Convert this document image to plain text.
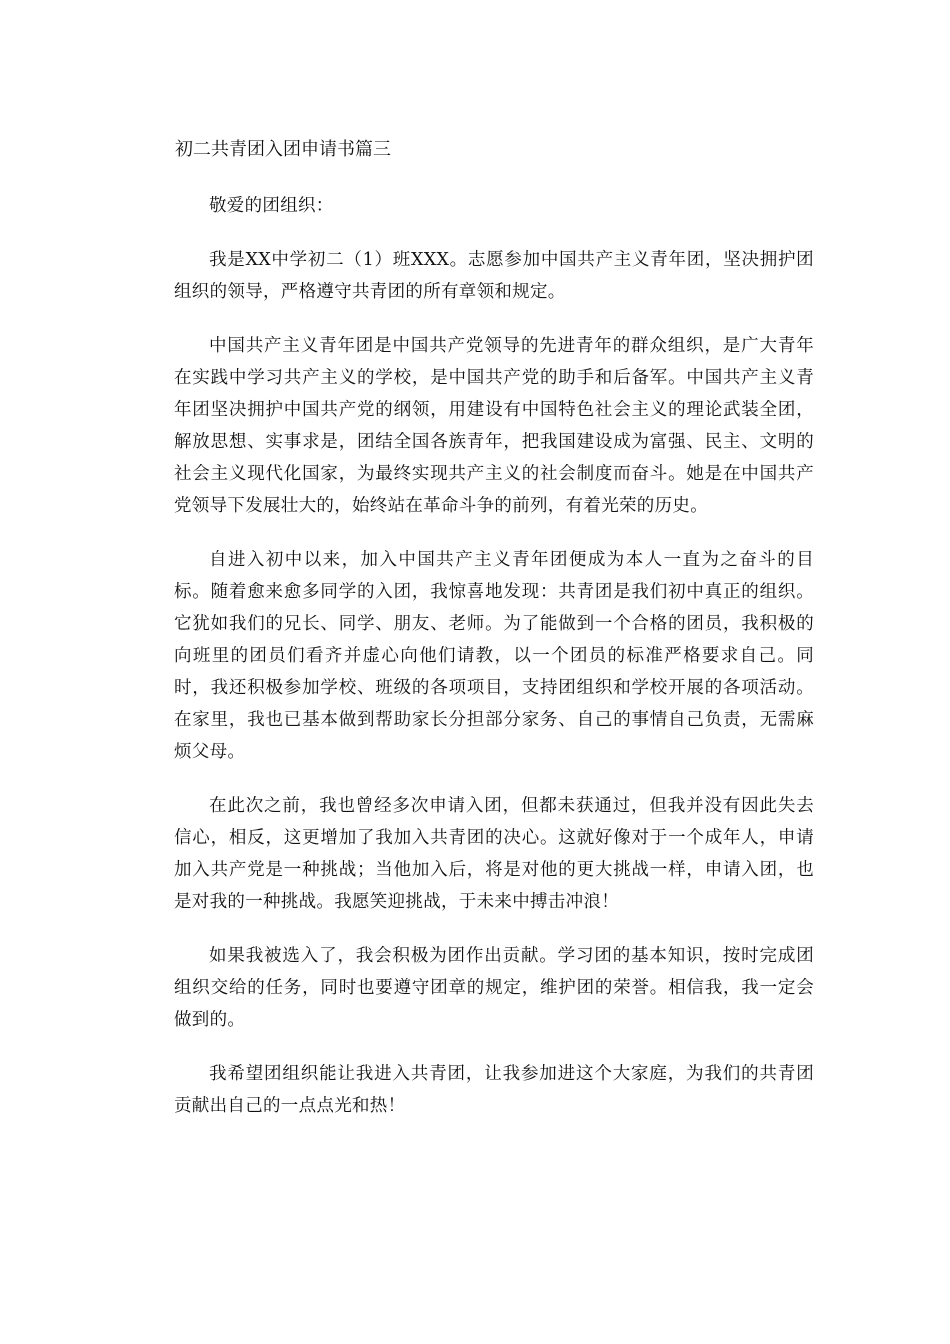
初二共青团入团申请书篇三

敬爱的团组织：

我是XX中学初二（1）班XXX。志愿参加中国共产主义青年团，坚决拥护团组织的领导，严格遵守共青团的所有章领和规定。

中国共产主义青年团是中国共产党领导的先进青年的群众组织，是广大青年在实践中学习共产主义的学校，是中国共产党的助手和后备军。中国共产主义青年团坚决拥护中国共产党的纲领，用建设有中国特色社会主义的理论武装全团，解放思想、实事求是，团结全国各族青年，把我国建设成为富强、民主、文明的社会主义现代化国家，为最终实现共产主义的社会制度而奋斗。她是在中国共产党领导下发展壮大的，始终站在革命斗争的前列，有着光荣的历史。

自进入初中以来，加入中国共产主义青年团便成为本人一直为之奋斗的目标。随着愈来愈多同学的入团，我惊喜地发现：共青团是我们初中真正的组织。它犹如我们的兄长、同学、朋友、老师。为了能做到一个合格的团员，我积极的向班里的团员们看齐并虚心向他们请教，以一个团员的标准严格要求自己。同时，我还积极参加学校、班级的各项项目，支持团组织和学校开展的各项活动。在家里，我也已基本做到帮助家长分担部分家务、自己的事情自己负责，无需麻烦父母。

在此次之前，我也曾经多次申请入团，但都未获通过，但我并没有因此失去信心，相反，这更增加了我加入共青团的决心。这就好像对于一个成年人，申请加入共产党是一种挑战；当他加入后，将是对他的更大挑战一样，申请入团，也是对我的一种挑战。我愿笑迎挑战，于未来中搏击冲浪！

如果我被选入了，我会积极为团作出贡献。学习团的基本知识，按时完成团组织交给的任务，同时也要遵守团章的规定，维护团的荣誉。相信我，我一定会做到的。

我希望团组织能让我进入共青团，让我参加进这个大家庭，为我们的共青团贡献出自己的一点点光和热！
